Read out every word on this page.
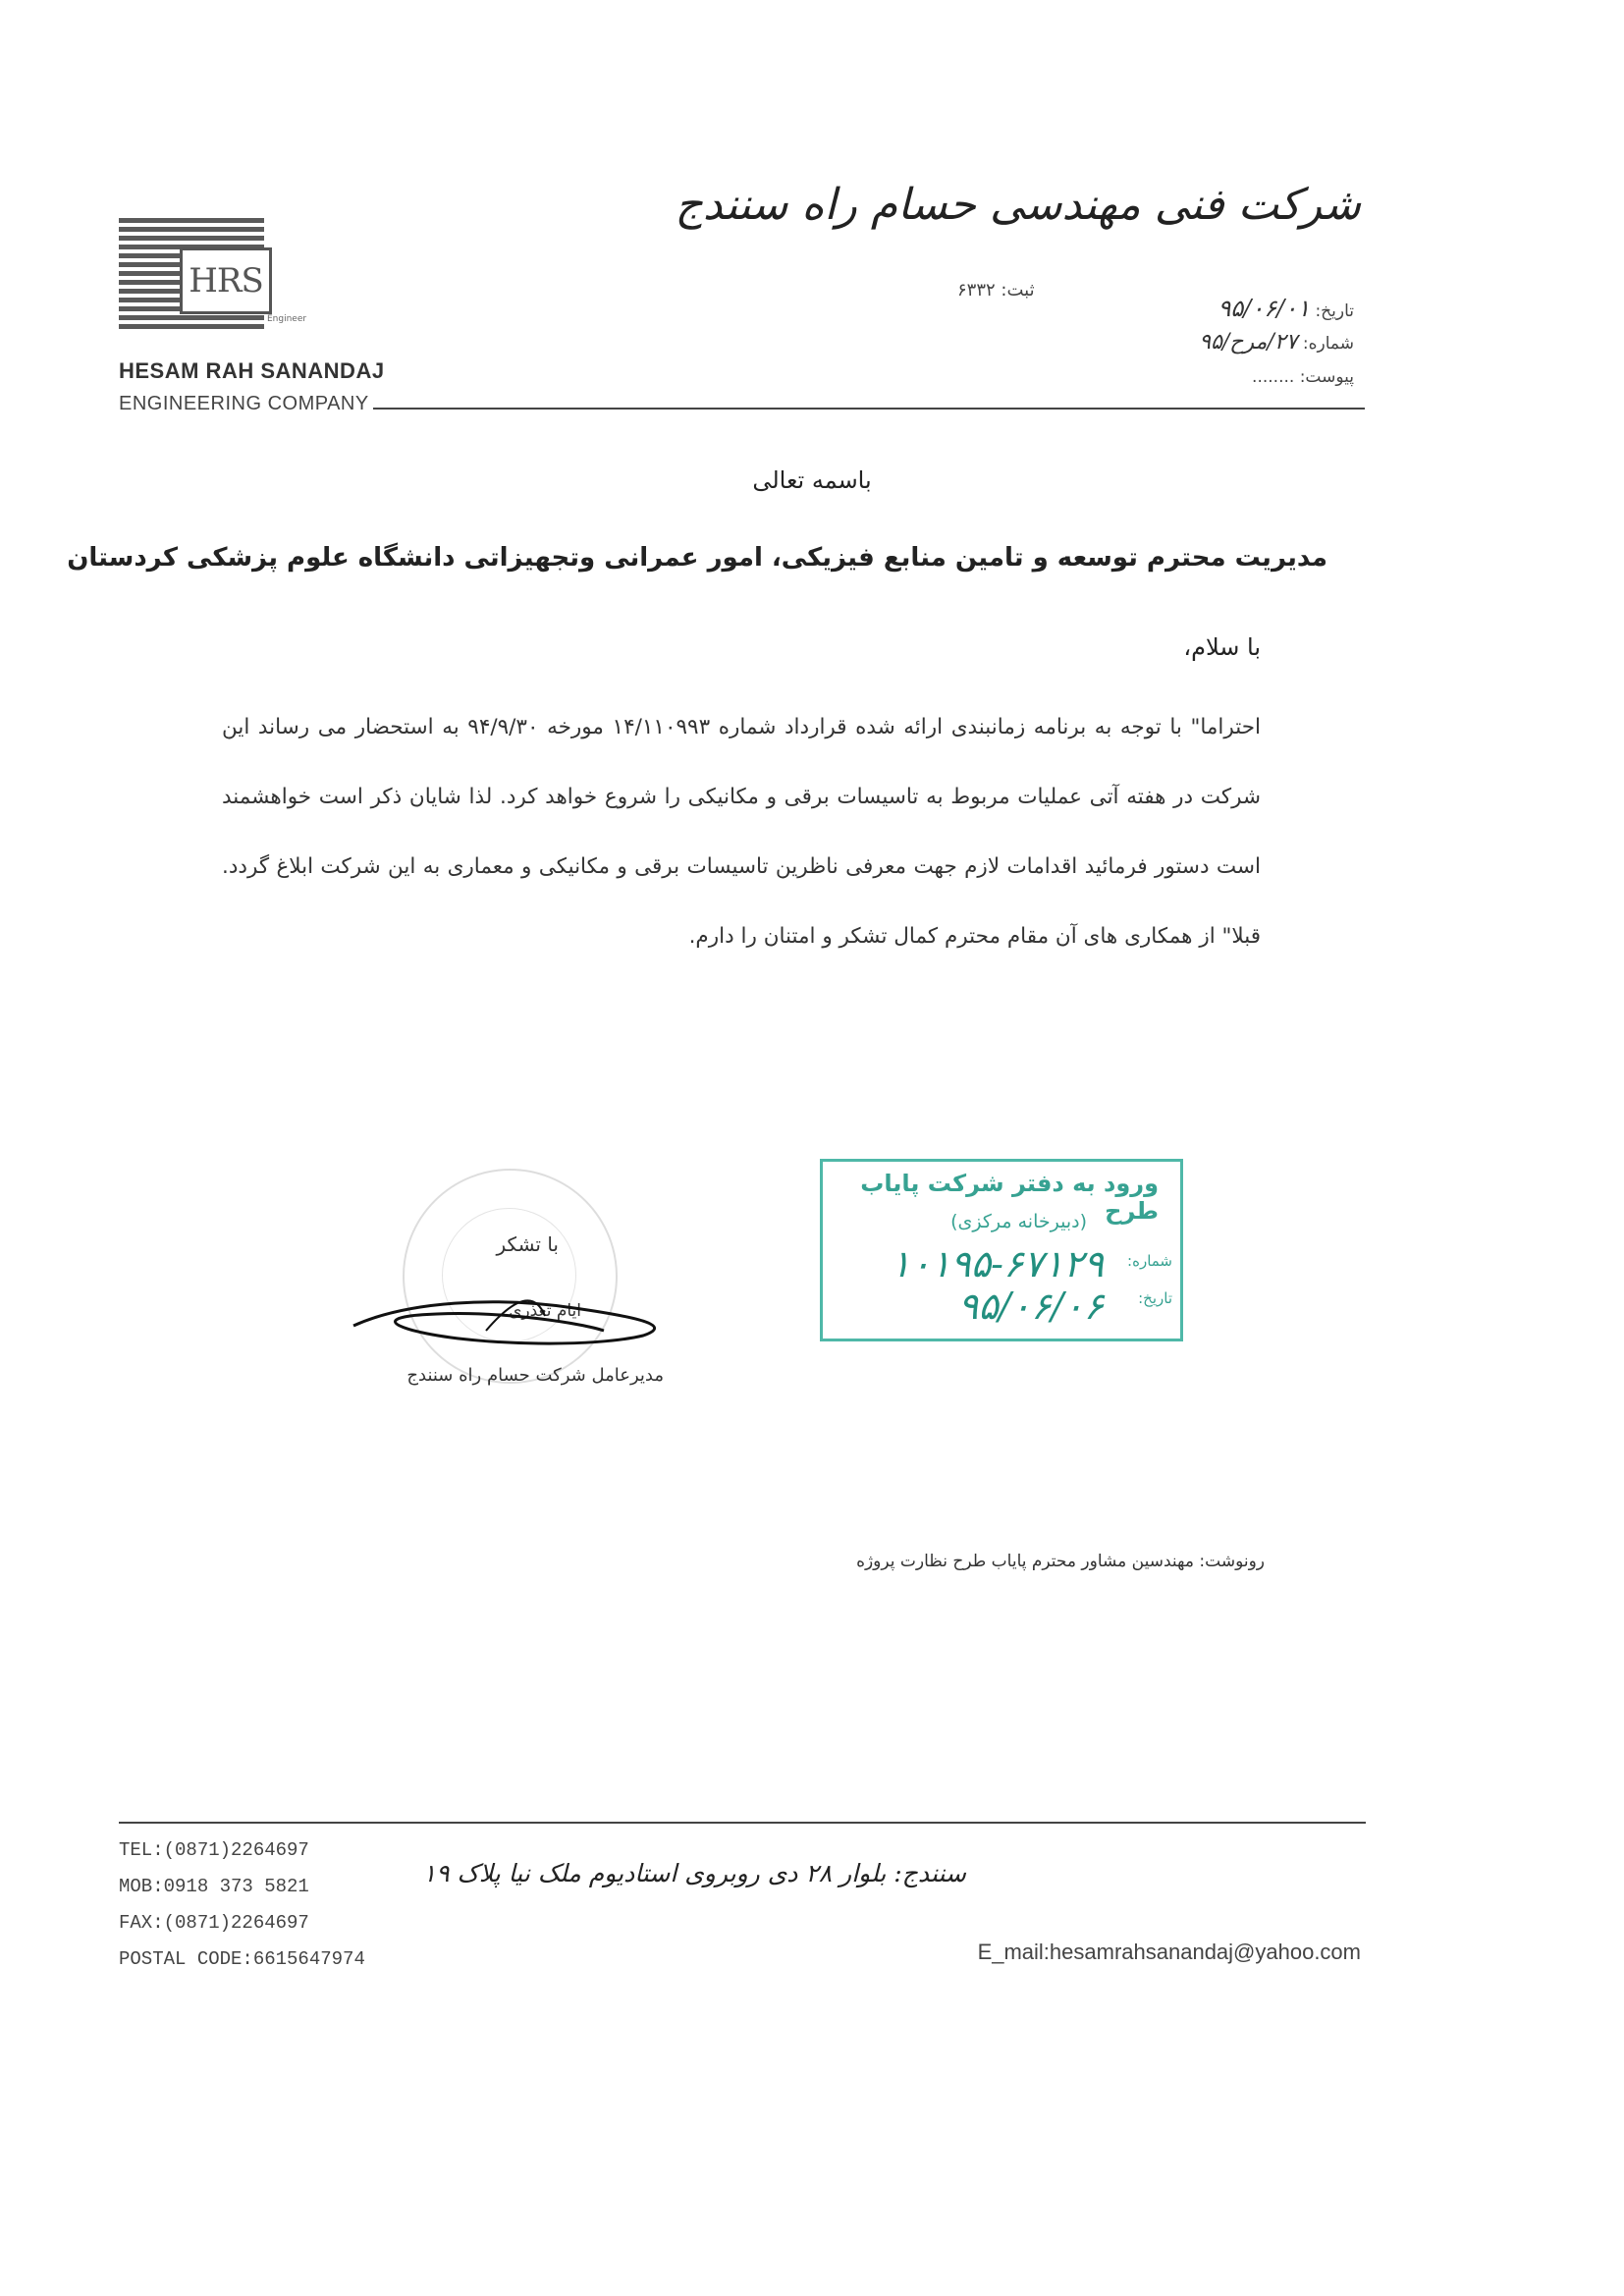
HRS
Engineer
HESAM RAH SANANDAJ
ENGINEERING COMPANY
شرکت فنی مهندسی حسام راه سنندج
ثبت: ۶۳۳۲
تاریخ: ۹۵/۰۶/۰۱
شماره: ۲۷/مرح/۹۵
پیوست: ........
باسمه تعالی
مدیریت محترم توسعه و تامین منابع فیزیکی، امور عمرانی وتجهیزاتی دانشگاه علوم پزشکی کردستان
با سلام،
احتراما" با توجه به برنامه زمانبندی ارائه شده قرارداد شماره ۱۴/۱۱۰۹۹۳ مورخه ۹۴/۹/۳۰ به استحضار می رساند این شرکت در هفته آتی عملیات مربوط به تاسیسات برقی و مکانیکی را شروع خواهد کرد. لذا شایان ذکر است خواهشمند است دستور فرمائید اقدامات لازم جهت معرفی ناظرین تاسیسات برقی و مکانیکی و معماری به این شرکت ابلاغ گردد. قبلا" از همکاری های آن مقام محترم کمال تشکر و امتنان را دارم.
با تشکر
ایام تعذری
مدیرعامل شرکت حسام راه سنندج
ورود به دفتر شرکت پایاب طرح
(دبیرخانه مرکزی)
شماره:
۱۰۱۹۵-۶۷۱۲۹
تاریخ:
۹۵/۰۶/۰۶
رونوشت: مهندسین مشاور محترم پایاب طرح نظارت پروژه
TEL:(0871)2264697
MOB:0918 373 5821
FAX:(0871)2264697
POSTAL CODE:6615647974
سنندج: بلوار ۲۸ دی روبروی استادیوم ملک نیا پلاک ۱۹
E_mail:hesamrahsanandaj@yahoo.com
